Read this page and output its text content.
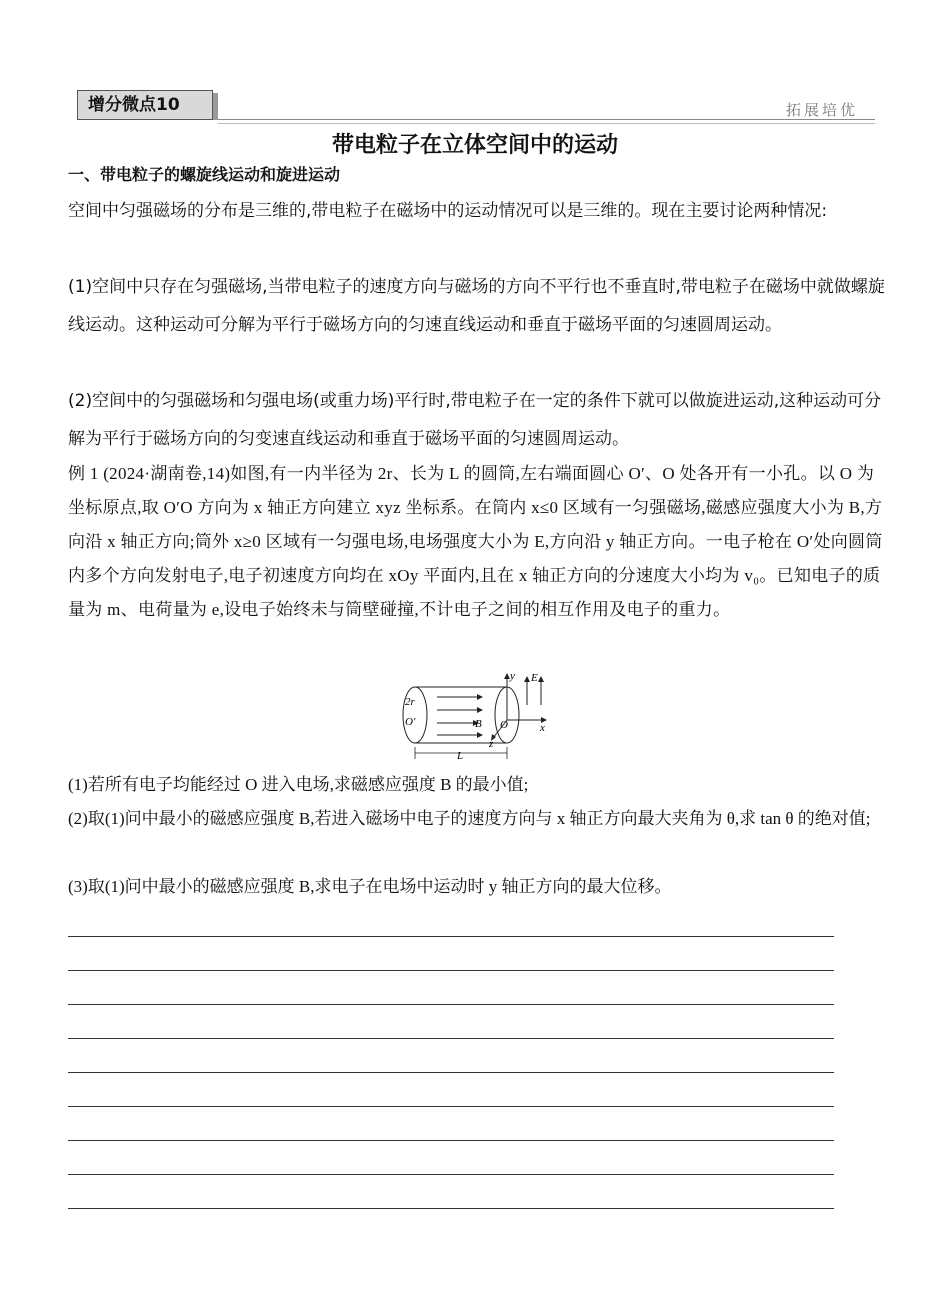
增分微点10	拓展培优
带电粒子在立体空间中的运动
一、带电粒子的螺旋线运动和旋进运动
空间中匀强磁场的分布是三维的,带电粒子在磁场中的运动情况可以是三维的。现在主要讨论两种情况:
(1)空间中只存在匀强磁场,当带电粒子的速度方向与磁场的方向不平行也不垂直时,带电粒子在磁场中就做螺旋线运动。这种运动可分解为平行于磁场方向的匀速直线运动和垂直于磁场平面的匀速圆周运动。
(2)空间中的匀强磁场和匀强电场(或重力场)平行时,带电粒子在一定的条件下就可以做旋进运动,这种运动可分解为平行于磁场方向的匀变速直线运动和垂直于磁场平面的匀速圆周运动。
例 1 (2024·湖南卷,14)如图,有一内半径为 2r、长为 L 的圆筒,左右端面圆心 O′、O 处各开有一小孔。以 O 为坐标原点,取 O′O 方向为 x 轴正方向建立 xyz 坐标系。在筒内 x≤0 区域有一匀强磁场,磁感应强度大小为 B,方向沿 x 轴正方向;筒外 x≥0 区域有一匀强电场,电场强度大小为 E,方向沿 y 轴正方向。一电子枪在 O′处向圆筒内多个方向发射电子,电子初速度方向均在 xOy 平面内,且在 x 轴正方向的分速度大小均为 v₀。已知电子的质量为 m、电荷量为 e,设电子始终未与筒壁碰撞,不计电子之间的相互作用及电子的重力。
2r
O′	O
B
E
x
y
z
L
(1)若所有电子均能经过 O 进入电场,求磁感应强度 B 的最小值;
(2)取(1)问中最小的磁感应强度 B,若进入磁场中电子的速度方向与 x 轴正方向最大夹角为 θ,求 tan θ 的绝对值;
(3)取(1)问中最小的磁感应强度 B,求电子在电场中运动时 y 轴正方向的最大位移。
